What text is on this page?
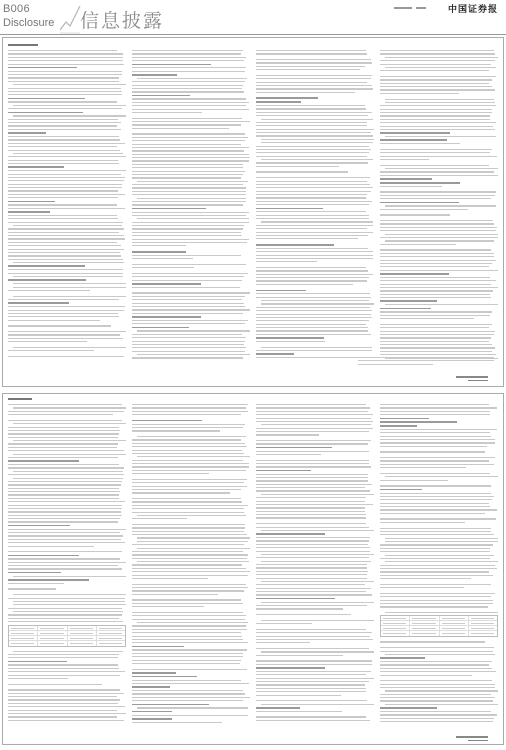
B006
Disclosure 信息披露
	中国证券报
